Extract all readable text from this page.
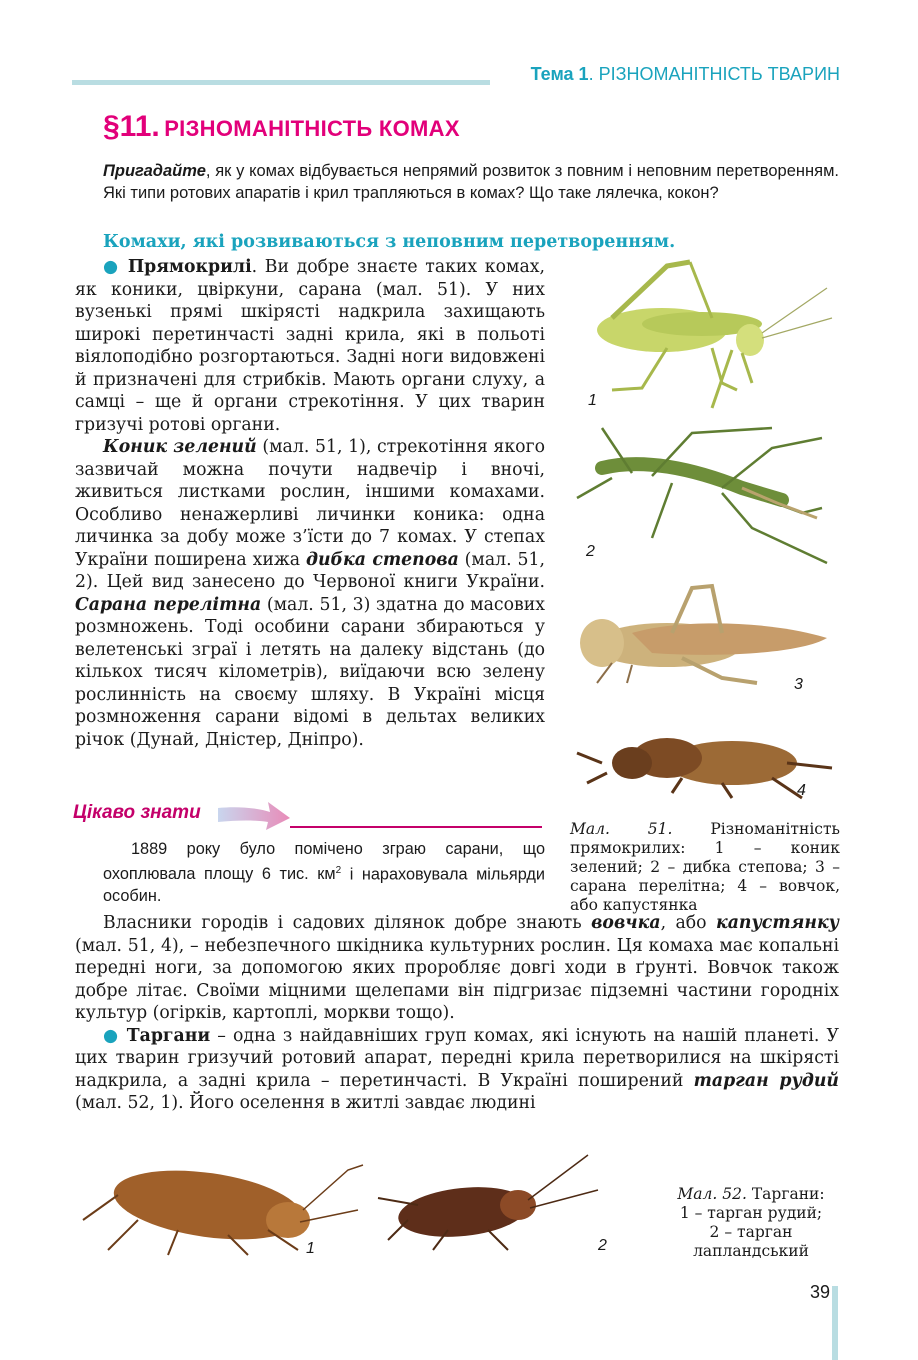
Тема 1. РІЗНОМАНІТНІСТЬ ТВАРИН
§11. РІЗНОМАНІТНІСТЬ КОМАХ
Пригадайте, як у комах відбувається непрямий розвиток з повним і неповним перетворенням. Які типи ротових апаратів і крил трапляються в комах? Що таке лялечка, кокон?
Комахи, які розвиваються з неповним перетворенням.

● Прямокрилі. Ви добре знаєте таких комах, як коники, цвіркуни, сарана (мал. 51). У них вузенькі прямі шкірясті надкрила захищають широкі перетинчасті задні крила, які в польоті віялоподібно розгортаються. Задні ноги видовжені й призначені для стрибків. Мають органи слуху, а самці – ще й органи стрекотіння. У цих тварин гризучі ротові органи.

Коник зелений (мал. 51, 1), стрекотіння якого зазвичай можна почути надвечір і вночі, живиться листками рослин, іншими комахами. Особливо ненажерливі личинки коника: одна личинка за добу може з’їсти до 7 комах. У степах України поширена хижа дибка степова (мал. 51, 2). Цей вид занесено до Червоної книги України. Сарана перелітна (мал. 51, 3) здатна до масових розмножень. Тоді особини сарани збираються у велетенські зграї і летять на далеку відстань (до кількох тисяч кілометрів), виїдаючи всю зелену рослинність на своєму шляху. В Україні місця розмноження сарани відомі в дельтах великих річок (Дунай, Дністер, Дніпро).

1
2
3
4
Мал. 51. Різноманітність прямокрилих: 1 – коник зелений; 2 – дибка степова; 3 – сарана перелітна; 4 – вовчок, або капустянка
Цікаво знати
1889 року було помічено зграю сарани, що охоплювала площу 6 тис. $км^2$ і нараховувала мільярди особин.

Власники городів і садових ділянок добре знають вовчка, або капустянку (мал. 51, 4), – небезпечного шкідника культурних рослин. Ця комаха має копальні передні ноги, за допомогою яких проробляє довгі ходи в ґрунті. Вовчок також добре літає. Своїми міцними щелепами він підгризає підземні частини городніх культур (огірків, картоплі, моркви тощо).

● Таргани – одна з найдавніших груп комах, які існують на нашій планеті. У цих тварин гризучий ротовий апарат, передні крила перетворилися на шкірясті надкрила, а задні крила – перетинчасті. В Україні поширений тарган рудий (мал. 52, 1). Його оселення в житлі завдає людині

1	2
Мал. 52. Таргани:
1 – тарган рудий;
2 – тарган
лапландський
39
